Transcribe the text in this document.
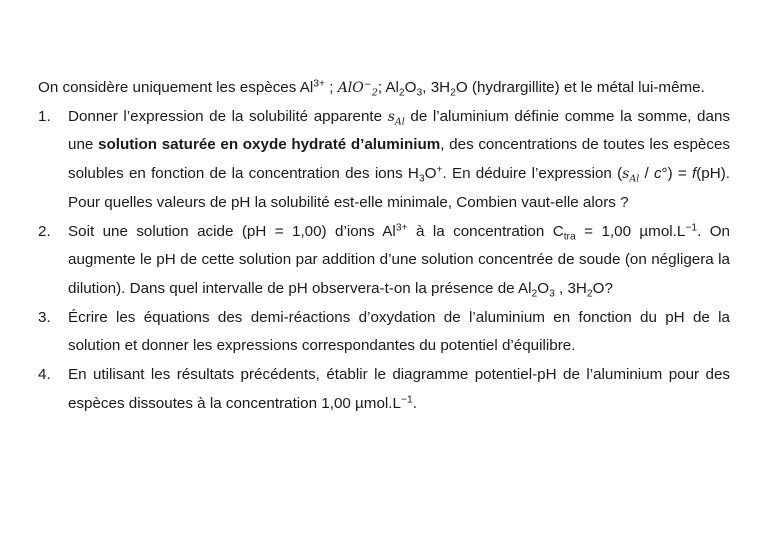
On considère uniquement les espèces $Al^{3+}$ ; AlO−$_2$; $Al_2O_3$, $3H_2O$ (hydrargillite) et le métal lui-même.

1. Donner l’expression de la solubilité apparente $s_{Al}$ de l’aluminium définie comme la somme, dans une solution saturée en oxyde hydraté d’aluminium, des concentrations de toutes les espèces solubles en fonction de la concentration des ions $H_3O^+$. En déduire l’expression $(s_{Al} / c^\circ) = f(pH)$. Pour quelles valeurs de pH la solubilité est-elle minimale, Combien vaut-elle alors ?
2. Soit une solution acide (pH = 1,00) d’ions $Al^{3+}$ à la concentration $C_{tra} = 1,00$ $\mu mol.L^{-1}$. On augmente le pH de cette solution par addition d’une solution concentrée de soude (on négligera la dilution). Dans quel intervalle de pH observera-t-on la présence de $Al_2O_3$ , $3H_2O$?
3. Écrire les équations des demi-réactions d’oxydation de l’aluminium en fonction du pH de la solution et donner les expressions correspondantes du potentiel d’équilibre.
4. En utilisant les résultats précédents, établir le diagramme potentiel-pH de l’aluminium pour des espèces dissoutes à la concentration 1,00 $\mu mol.L^{-1}$.
